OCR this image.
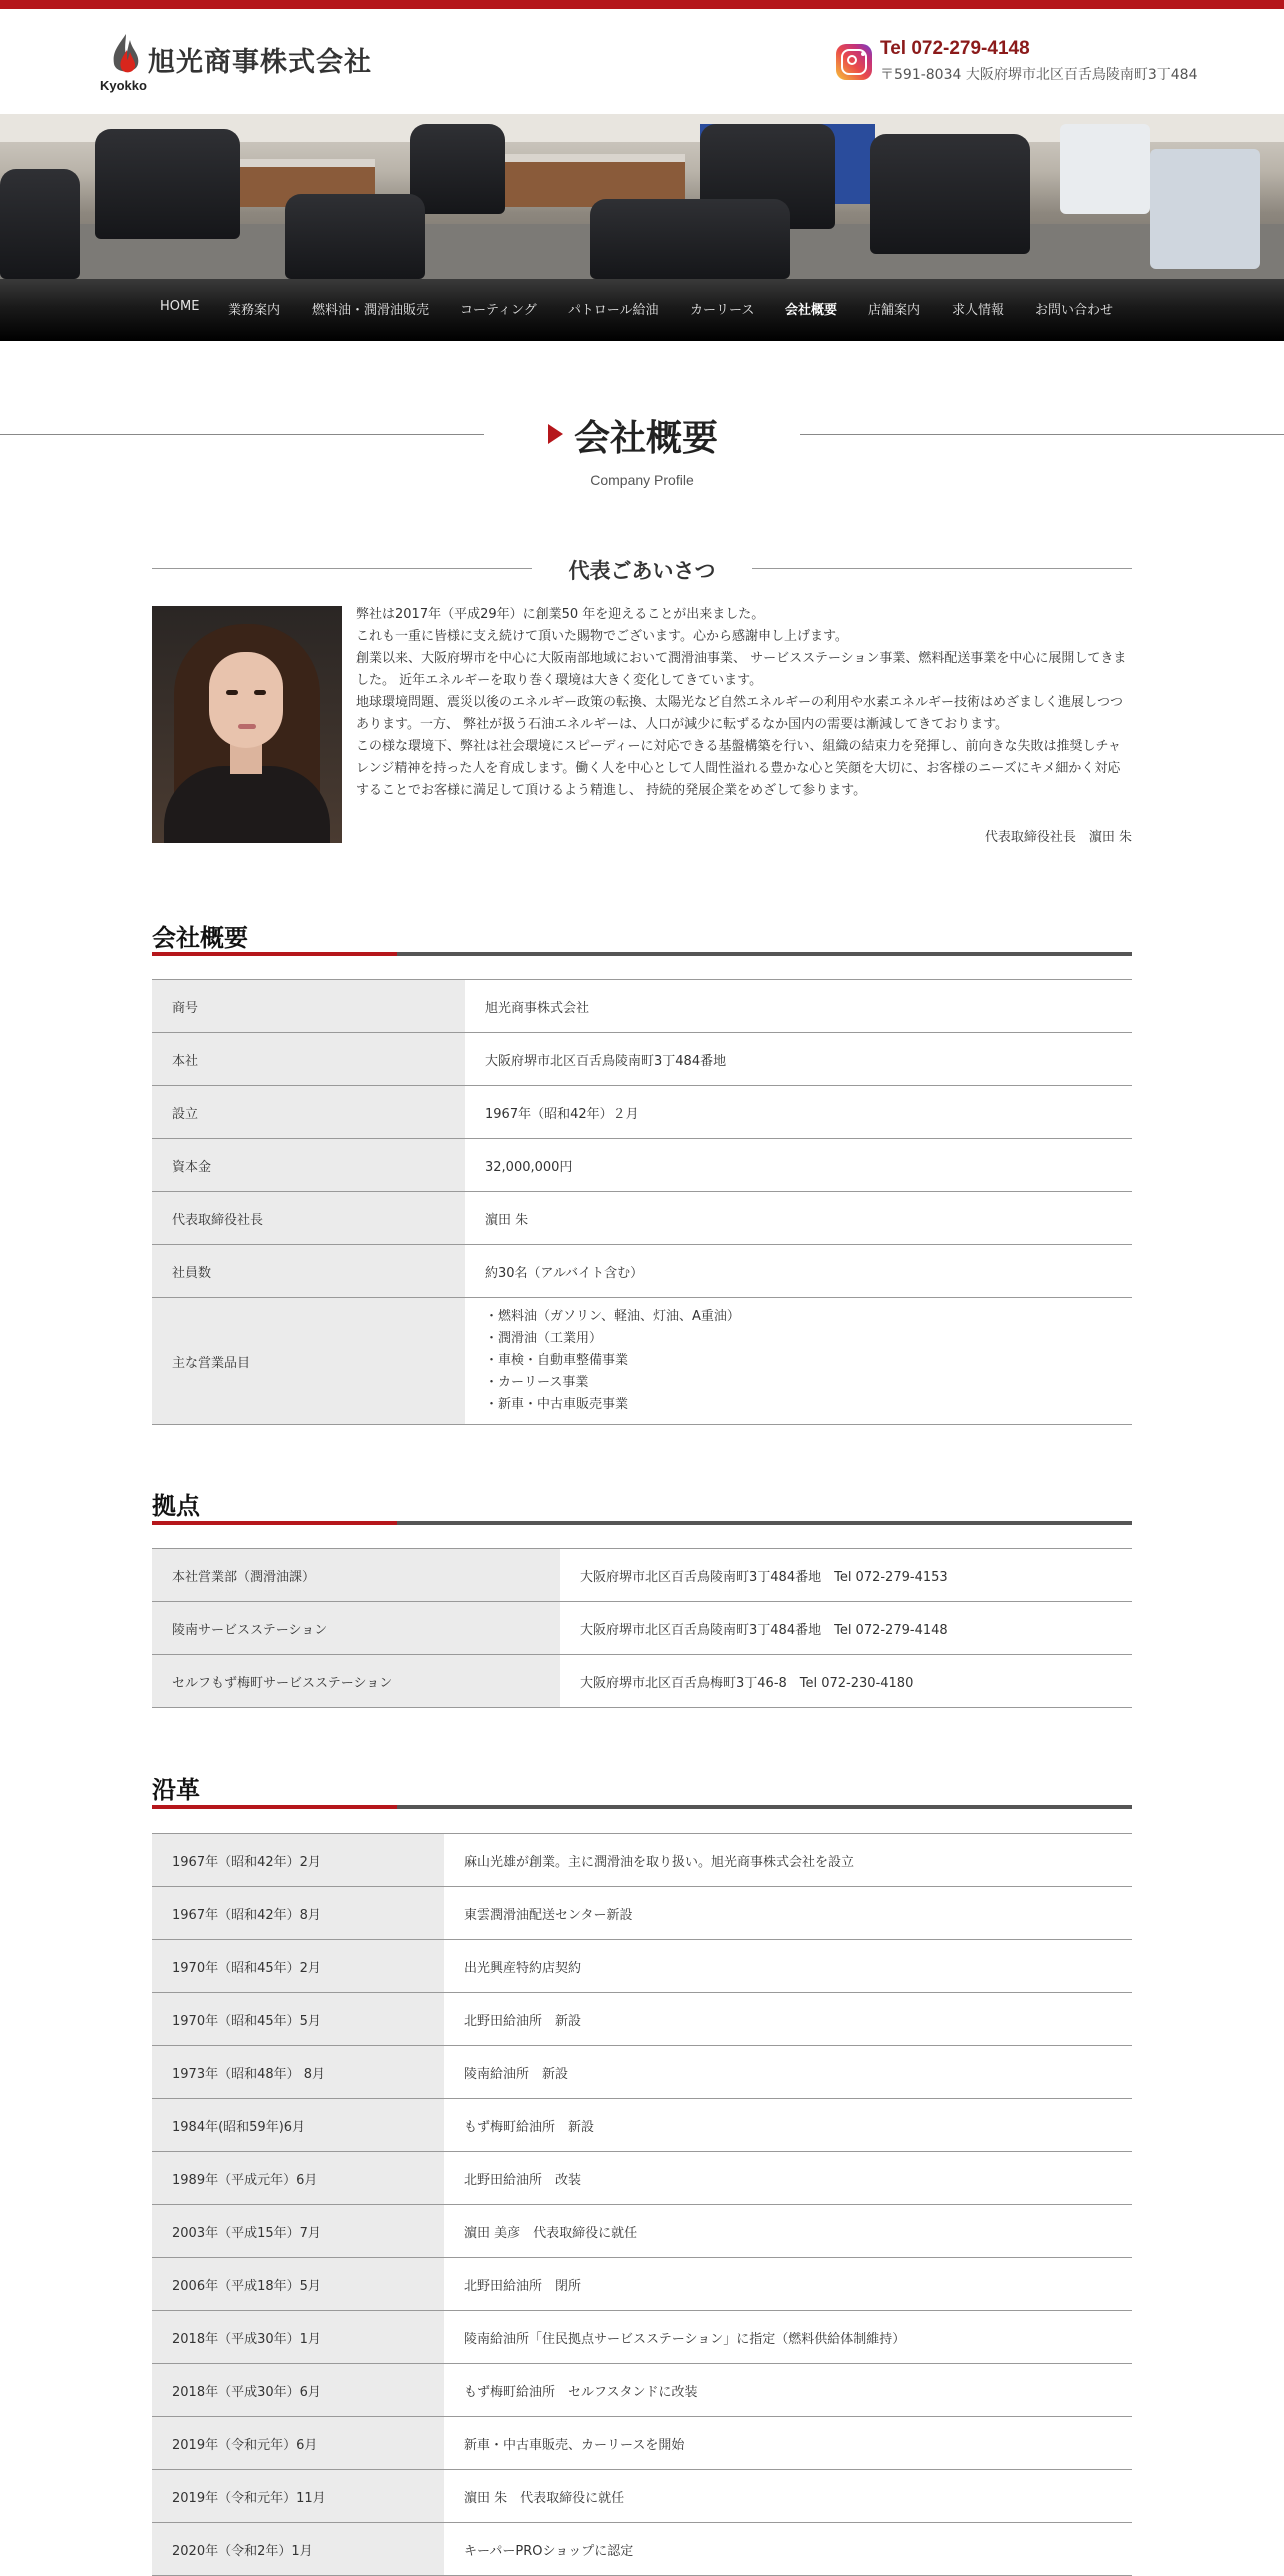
旭光商事株式会社
Kyokko
Tel 072-279-4148
〒591-8034 大阪府堺市北区百舌鳥陵南町3丁484
HOME 業務案内 燃料油・潤滑油販売 コーティング パトロール給油 カーリース 会社概要 店舗案内 求人情報 お問い合わせ
会社概要
Company Profile
代表ごあいさつ

弊社は2017年（平成29年）に創業50 年を迎えることが出来ました。

これも一重に皆様に支え続けて頂いた賜物でございます。心から感謝申し上げます。

創業以来、大阪府堺市を中心に大阪南部地域において潤滑油事業、 サービスステーション事業、燃料配送事業を中心に展開してきました。 近年エネルギーを取り巻く環境は大きく変化してきています。

地球環境問題、震災以後のエネルギー政策の転換、太陽光など自然エネルギーの利用や水素エネルギー技術はめざましく進展しつつあります。一方、 弊社が扱う石油エネルギーは、人口が減少に転ずるなか国内の需要は漸減してきております。

この様な環境下、弊社は社会環境にスピーディーに対応できる基盤構築を行い、組織の結束力を発揮し、前向きな失敗は推奨しチャレンジ精神を持った人を育成します。働く人を中心として人間性溢れる豊かな心と笑顔を大切に、お客様のニーズにキメ細かく対応することでお客様に満足して頂けるよう精進し、 持続的発展企業をめざして参ります。

代表取締役社長　濵田 朱
会社概要
商号	旭光商事株式会社
本社	大阪府堺市北区百舌鳥陵南町3丁484番地
設立	1967年（昭和42年）２月
資本金	32,000,000円
代表取締役社長	濵田 朱
社員数	約30名（アルバイト含む）
主な営業品目	・燃料油（ガソリン、軽油、灯油、A重油）
・潤滑油（工業用）
・車検・自動車整備事業
・カーリース事業
・新車・中古車販売事業
拠点
本社営業部（潤滑油課）	大阪府堺市北区百舌鳥陵南町3丁484番地　Tel 072-279-4153
陵南サービスステーション	大阪府堺市北区百舌鳥陵南町3丁484番地　Tel 072-279-4148
セルフもず梅町サービスステーション	大阪府堺市北区百舌鳥梅町3丁46-8　Tel 072-230-4180
沿革
1967年（昭和42年）2月	麻山光雄が創業。主に潤滑油を取り扱い。旭光商事株式会社を設立
1967年（昭和42年）8月	東雲潤滑油配送センター新設
1970年（昭和45年）2月	出光興産特約店契約
1970年（昭和45年）5月	北野田給油所　新設
1973年（昭和48年） 8月	陵南給油所　新設
1984年(昭和59年)6月	もず梅町給油所　新設
1989年（平成元年）6月	北野田給油所　改装
2003年（平成15年）7月	濵田 美彦　代表取締役に就任
2006年（平成18年）5月	北野田給油所　閉所
2018年（平成30年）1月	陵南給油所「住民拠点サービスステーション」に指定（燃料供給体制維持）
2018年（平成30年）6月	もず梅町給油所　セルフスタンドに改装
2019年（令和元年）6月	新車・中古車販売、カーリースを開始
2019年（令和元年）11月	濵田 朱　代表取締役に就任
2020年（令和2年）1月	キーパーPROショップに認定
